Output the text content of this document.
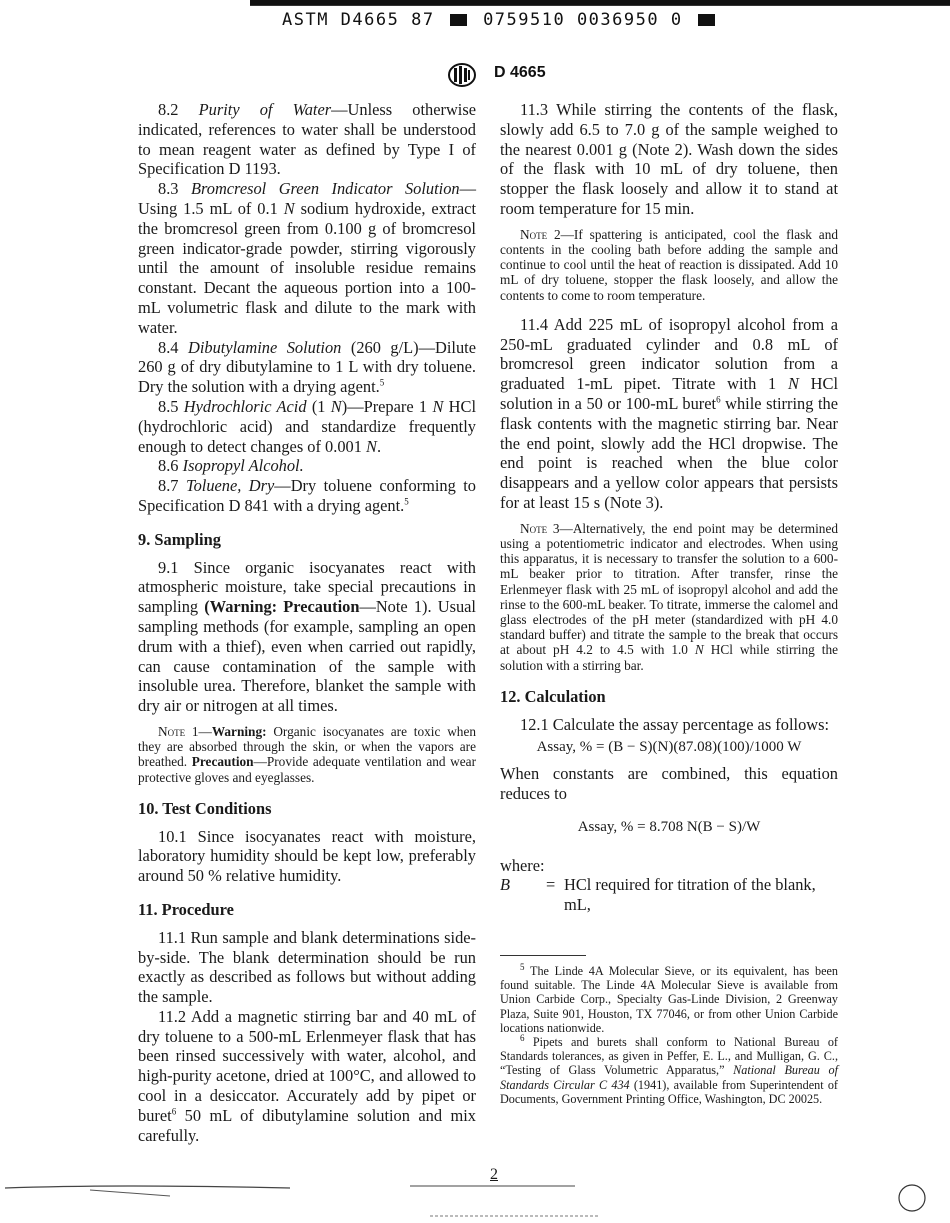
ASTM D4665 87	0759510 0036950 0
D 4665

8.2 Purity of Water—Unless otherwise indicated, references to water shall be understood to mean reagent water as defined by Type I of Specification D 1193.

8.3 Bromcresol Green Indicator Solution—Using 1.5 mL of 0.1 N sodium hydroxide, extract the bromcresol green from 0.100 g of bromcresol green indicator-grade powder, stirring vigorously until the amount of insoluble residue remains constant. Decant the aqueous portion into a 100-mL volumetric flask and dilute to the mark with water.

8.4 Dibutylamine Solution (260 g/L)—Dilute 260 g of dry dibutylamine to 1 L with dry toluene. Dry the solution with a drying agent.$^5$

8.5 Hydrochloric Acid (1 N)—Prepare 1 N HCl (hydrochloric acid) and standardize frequently enough to detect changes of 0.001 N.

8.6 Isopropyl Alcohol.

8.7 Toluene, Dry—Dry toluene conforming to Specification D 841 with a drying agent.$^5$

9. Sampling

9.1 Since organic isocyanates react with atmospheric moisture, take special precautions in sampling (Warning: Precaution—Note 1). Usual sampling methods (for example, sampling an open drum with a thief), even when carried out rapidly, can cause contamination of the sample with insoluble urea. Therefore, blanket the sample with dry air or nitrogen at all times.

Note 1—Warning: Organic isocyanates are toxic when they are absorbed through the skin, or when the vapors are breathed. Precaution—Provide adequate ventilation and wear protective gloves and eyeglasses.

10. Test Conditions

10.1 Since isocyanates react with moisture, laboratory humidity should be kept low, preferably around 50 % relative humidity.

11. Procedure

11.1 Run sample and blank determinations side-by-side. The blank determination should be run exactly as described as follows but without adding the sample.

11.2 Add a magnetic stirring bar and 40 mL of dry toluene to a 500-mL Erlenmeyer flask that has been rinsed successively with water, alcohol, and high-purity acetone, dried at 100°C, and allowed to cool in a desiccator. Accurately add by pipet or buret$^6$ 50 mL of dibutylamine solution and mix carefully.

11.3 While stirring the contents of the flask, slowly add 6.5 to 7.0 g of the sample weighed to the nearest 0.001 g (Note 2). Wash down the sides of the flask with 10 mL of dry toluene, then stopper the flask loosely and allow it to stand at room temperature for 15 min.

Note 2—If spattering is anticipated, cool the flask and contents in the cooling bath before adding the sample and continue to cool until the heat of reaction is dissipated. Add 10 mL of dry toluene, stopper the flask loosely, and allow the contents to come to room temperature.

11.4 Add 225 mL of isopropyl alcohol from a 250-mL graduated cylinder and 0.8 mL of bromcresol green indicator solution from a graduated 1-mL pipet. Titrate with 1 N HCl solution in a 50 or 100-mL buret$^6$ while stirring the flask contents with the magnetic stirring bar. Near the end point, slowly add the HCl dropwise. The end point is reached when the blue color disappears and a yellow color appears that persists for at least 15 s (Note 3).

Note 3—Alternatively, the end point may be determined using a potentiometric indicator and electrodes. When using this apparatus, it is necessary to transfer the solution to a 600-mL beaker prior to titration. After transfer, rinse the Erlenmeyer flask with 25 mL of isopropyl alcohol and add the rinse to the 600-mL beaker. To titrate, immerse the calomel and glass electrodes of the pH meter (standardized with pH 4.0 standard buffer) and titrate the sample to the break that occurs at about pH 4.2 to 4.5 with 1.0 N HCl while stirring the solution with a stirring bar.

12. Calculation

12.1 Calculate the assay percentage as follows:

Assay, % = (B − S)(N)(87.08)(100)/1000 W

When constants are combined, this equation reduces to

Assay, % = 8.708 N(B − S)/W

where:

B	= HCl required for titration of the blank, mL,

$^5$ The Linde 4A Molecular Sieve, or its equivalent, has been found suitable. The Linde 4A Molecular Sieve is available from Union Carbide Corp., Specialty Gas-Linde Division, 2 Greenway Plaza, Suite 901, Houston, TX 77046, or from other Union Carbide locations nationwide.

$^6$ Pipets and burets shall conform to National Bureau of Standards tolerances, as given in Peffer, E. L., and Mulligan, G. C., “Testing of Glass Volumetric Apparatus,” National Bureau of Standards Circular C 434 (1941), available from Superintendent of Documents, Government Printing Office, Washington, DC 20025.

2
